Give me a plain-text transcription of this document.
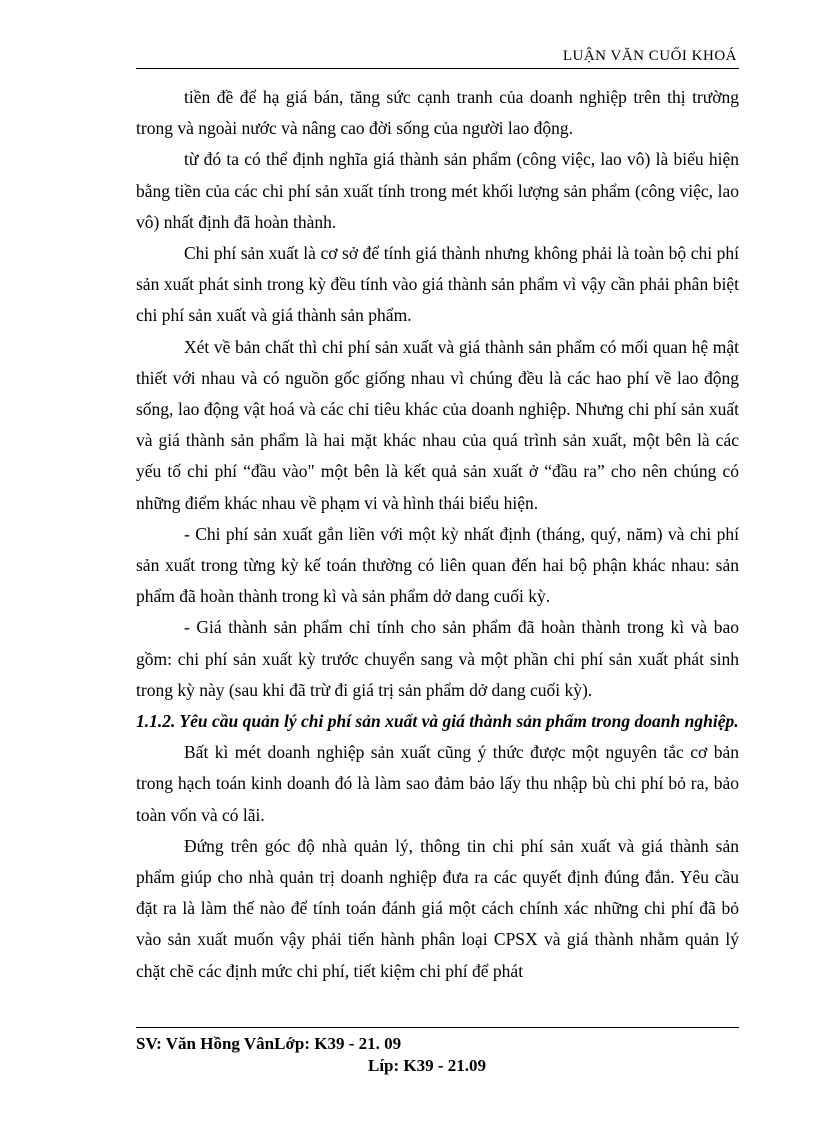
LUẬN VĂN CUỐI KHOÁ

tiền đề để hạ giá bán, tăng sức cạnh tranh của doanh nghiệp trên thị trường trong và ngoài nước và nâng cao đời sống của người lao động.

từ đó ta có thể định nghĩa giá thành sản phẩm (công việc, lao vô) là biểu hiện bằng tiền của các chi phí sản xuất tính trong mét khối lượng sản phẩm (công việc, lao vô) nhất định đã hoàn thành.

Chi phí sản xuất là cơ sở để tính giá thành nhưng không phải là toàn bộ chi phí sản xuất phát sinh trong kỳ đều tính vào giá thành sản phẩm vì vậy cần phải phân biệt chi phí sản xuất và giá thành sản phẩm.

Xét về bản chất thì chi phí sản xuất và giá thành sản phẩm có mối quan hệ mật thiết với nhau và có nguồn gốc giống nhau vì chúng đều là các hao phí về lao động sống, lao động vật hoá và các chỉ tiêu khác của doanh nghiệp. Nhưng chi phí sản xuất và giá thành sản phẩm là hai mặt khác nhau của quá trình sản xuất, một bên là các yếu tố chi phí “đầu vào" một bên là kết quả sản xuất ở “đầu ra” cho nên chúng có những điểm khác nhau về phạm vi và hình thái biểu hiện.

- Chi phí sản xuất gắn liền với một kỳ nhất định (tháng, quý, năm) và chi phí sản xuất trong từng kỳ kế toán thường có liên quan đến hai bộ phận khác nhau: sản phẩm đã hoàn thành trong kì và sản phẩm dở dang cuối kỳ.

- Giá thành sản phẩm chỉ tính cho sản phẩm đã hoàn thành trong kì và bao gồm: chi phí sản xuất kỳ trước chuyển sang và một phần chi phí sản xuất phát sinh trong kỳ này (sau khi đã trừ đi giá trị sản phẩm dở dang cuối kỳ).

1.1.2. Yêu cầu quản lý chi phí sản xuất và giá thành sản phẩm trong doanh nghiệp.

Bất kì mét doanh nghiệp sản xuất cũng ý thức được một nguyên tắc cơ bản trong hạch toán kinh doanh đó là làm sao đảm bảo lấy thu nhập bù chi phí bỏ ra, bảo toàn vốn và có lãi.

Đứng trên góc độ nhà quản lý, thông tin chi phí sản xuất và giá thành sản phẩm giúp cho nhà quản trị doanh nghiệp đưa ra các quyết định đúng đắn. Yêu cầu đặt ra là làm thế nào để tính toán đánh giá một cách chính xác những chi phí đã bỏ vào sản xuất muốn vậy phải tiến hành phân loại CPSX và giá thành nhằm quản lý chặt chẽ các định mức chi phí, tiết kiệm chi phí để phát

SV: Văn Hồng VânLớp: K39 - 21. 09
Líp: K39 - 21.09
